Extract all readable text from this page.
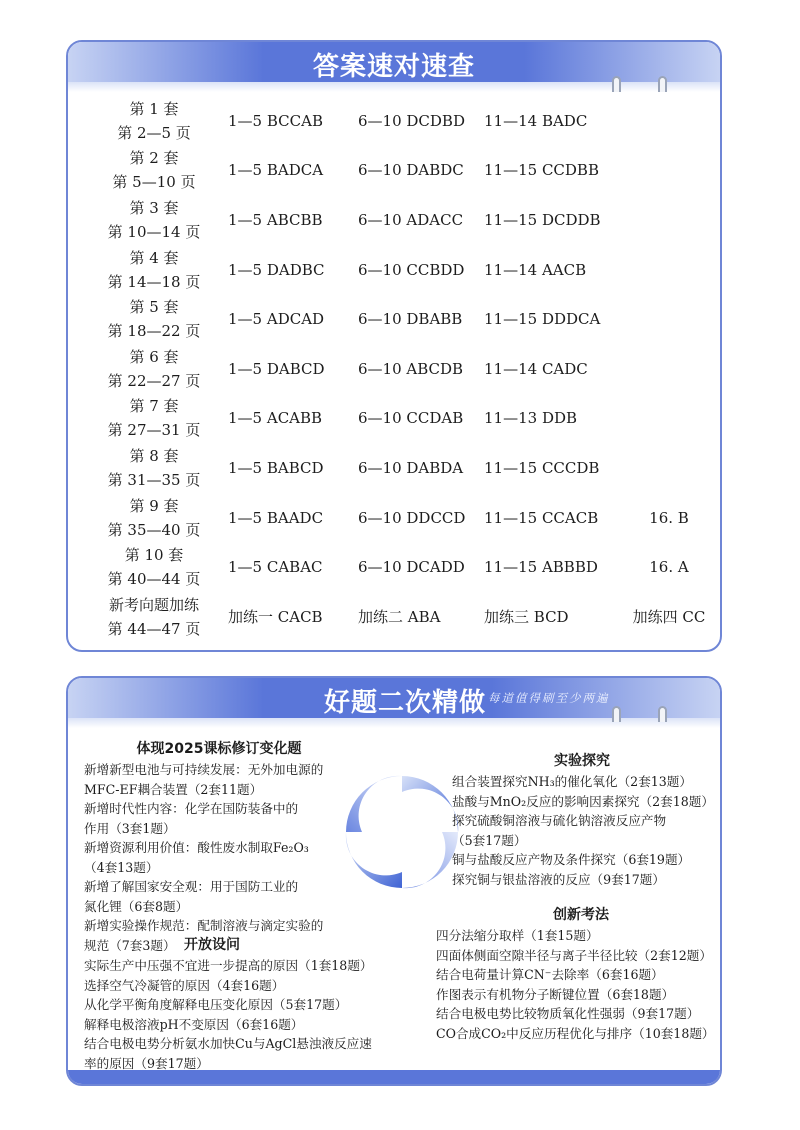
答案速对速查
第 1 套
第 2—5 页	1—5 BCCAB	6—10 DCDBD	11—14 BADC	

第 2 套
第 5—10 页	1—5 BADCA	6—10 DABDC	11—15 CCDBB	

第 3 套
第 10—14 页	1—5 ABCBB	6—10 ADACC	11—15 DCDDB	

第 4 套
第 14—18 页	1—5 DADBC	6—10 CCBDD	11—14 AACB	

第 5 套
第 18—22 页	1—5 ADCAD	6—10 DBABB	11—15 DDDCA	

第 6 套
第 22—27 页	1—5 DABCD	6—10 ABCDB	11—14 CADC	

第 7 套
第 27—31 页	1—5 ACABB	6—10 CCDAB	11—13 DDB	

第 8 套
第 31—35 页	1—5 BABCD	6—10 DABDA	11—15 CCCDB	

第 9 套
第 35—40 页	1—5 BAADC	6—10 DDCCD	11—15 CCACB	16. B

第 10 套
第 40—44 页	1—5 CABAC	6—10 DCADD	11—15 ABBBD	16. A

新考向题加练
第 44—47 页	加练一 CACB	加练二 ABA	加练三 BCD	加练四 CC
好题二次精做 每道值得刷至少两遍
体现2025课标修订变化题
新增新型电池与可持续发展：无外加电源的
MFC-EF耦合装置（2套11题）
新增时代性内容：化学在国防装备中的
作用（3套1题）
新增资源利用价值：酸性废水制取Fe₂O₃
（4套13题）
新增了解国家安全观：用于国防工业的
氮化锂（6套8题）
新增实验操作规范：配制溶液与滴定实验的
规范（7套3题） 开放设问
实际生产中压强不宜进一步提高的原因（1套18题）
选择空气冷凝管的原因（4套16题）
从化学平衡角度解释电压变化原因（5套17题）
解释电极溶液pH不变原因（6套16题）
结合电极电势分析氨水加快Cu与AgCl悬浊液反应速
率的原因（9套17题）
实验探究
组合装置探究NH₃的催化氧化（2套13题）
盐酸与MnO₂反应的影响因素探究（2套18题）
探究硫酸铜溶液与硫化钠溶液反应产物
（5套17题）
铜与盐酸反应产物及条件探究（6套19题）
探究铜与银盐溶液的反应（9套17题）
创新考法
四分法缩分取样（1套15题）
四面体侧面空隙半径与离子半径比较（2套12题）
结合电荷量计算CN⁻去除率（6套16题）
作图表示有机物分子断键位置（6套18题）
结合电极电势比较物质氧化性强弱（9套17题）
CO合成CO₂中反应历程优化与排序（10套18题）
